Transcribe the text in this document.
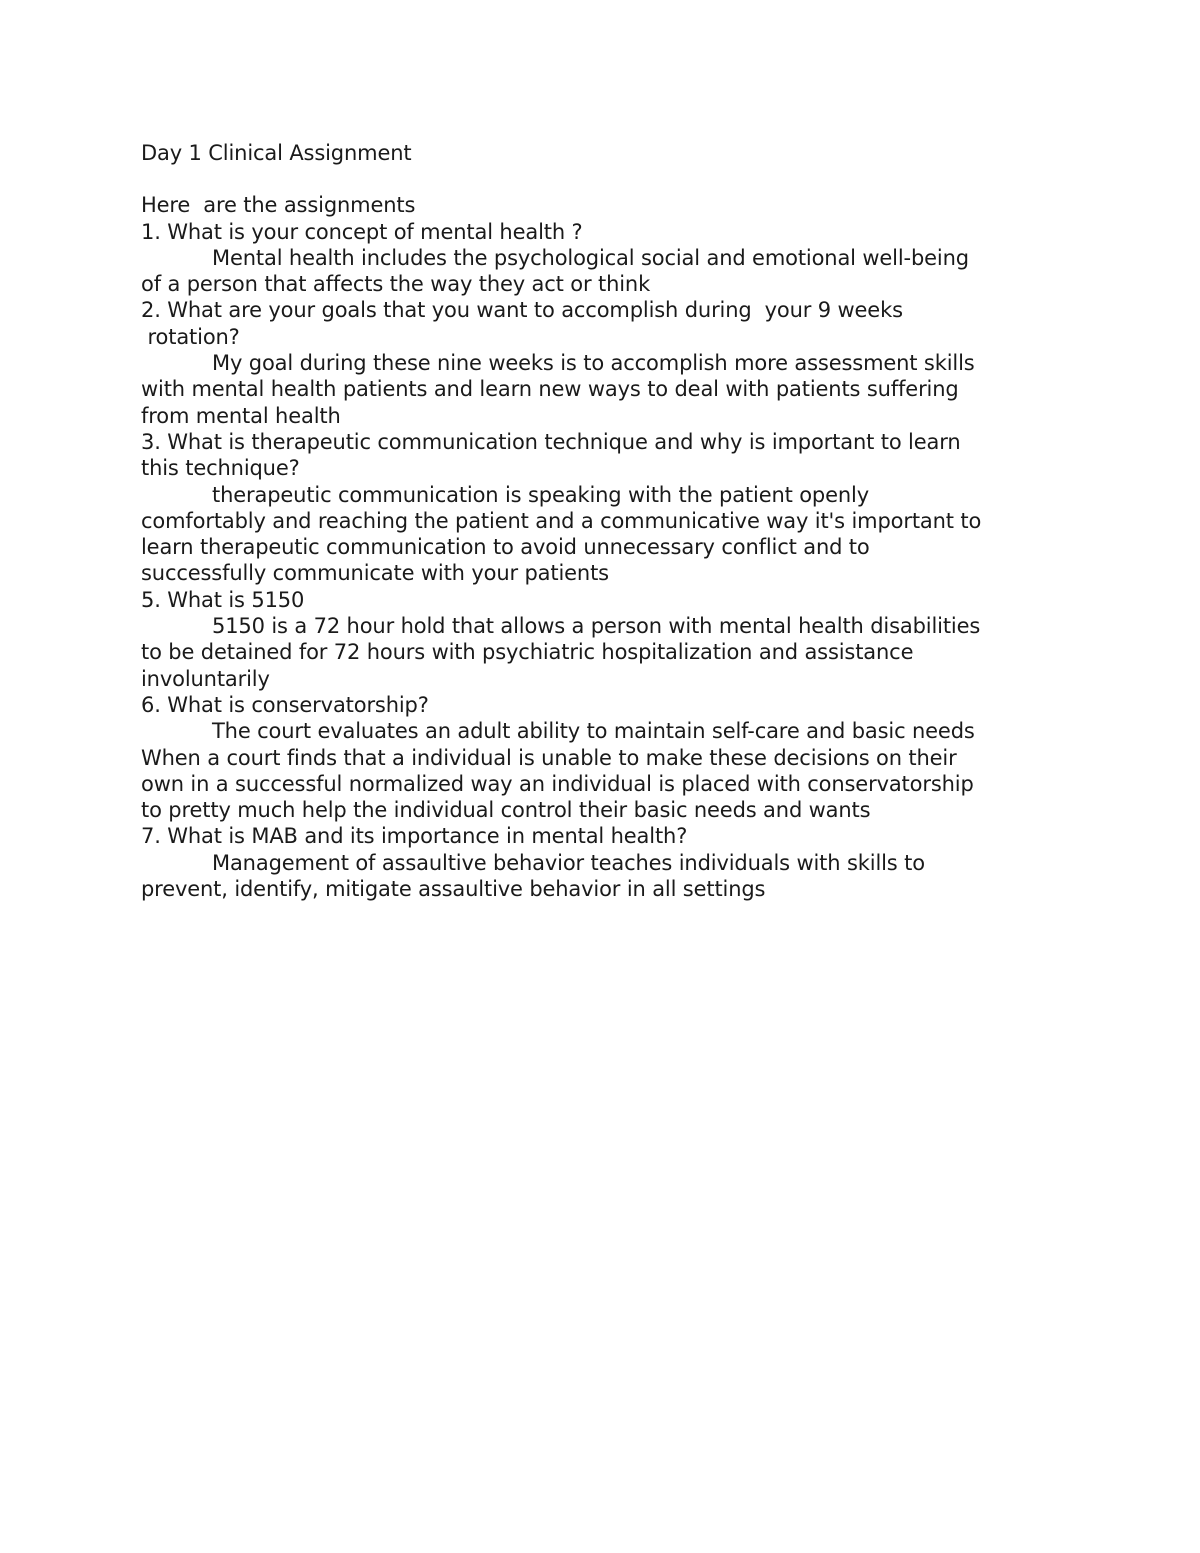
Day 1 Clinical Assignment
Here  are the assignments
1. What is your concept of mental health ?
Mental health includes the psychological social and emotional well-being
of a person that affects the way they act or think
2. What are your goals that you want to accomplish during  your 9 weeks
rotation?
My goal during these nine weeks is to accomplish more assessment skills
with mental health patients and learn new ways to deal with patients suffering
from mental health
3. What is therapeutic communication technique and why is important to learn
this technique?
therapeutic communication is speaking with the patient openly
comfortably and reaching the patient and a communicative way it's important to
learn therapeutic communication to avoid unnecessary conflict and to
successfully communicate with your patients
5. What is 5150
5150 is a 72 hour hold that allows a person with mental health disabilities
to be detained for 72 hours with psychiatric hospitalization and assistance
involuntarily
6. What is conservatorship?
The court evaluates an adult ability to maintain self-care and basic needs
When a court finds that a individual is unable to make these decisions on their
own in a successful normalized way an individual is placed with conservatorship
to pretty much help the individual control their basic needs and wants
7. What is MAB and its importance in mental health?
Management of assaultive behavior teaches individuals with skills to
prevent, identify, mitigate assaultive behavior in all settings
